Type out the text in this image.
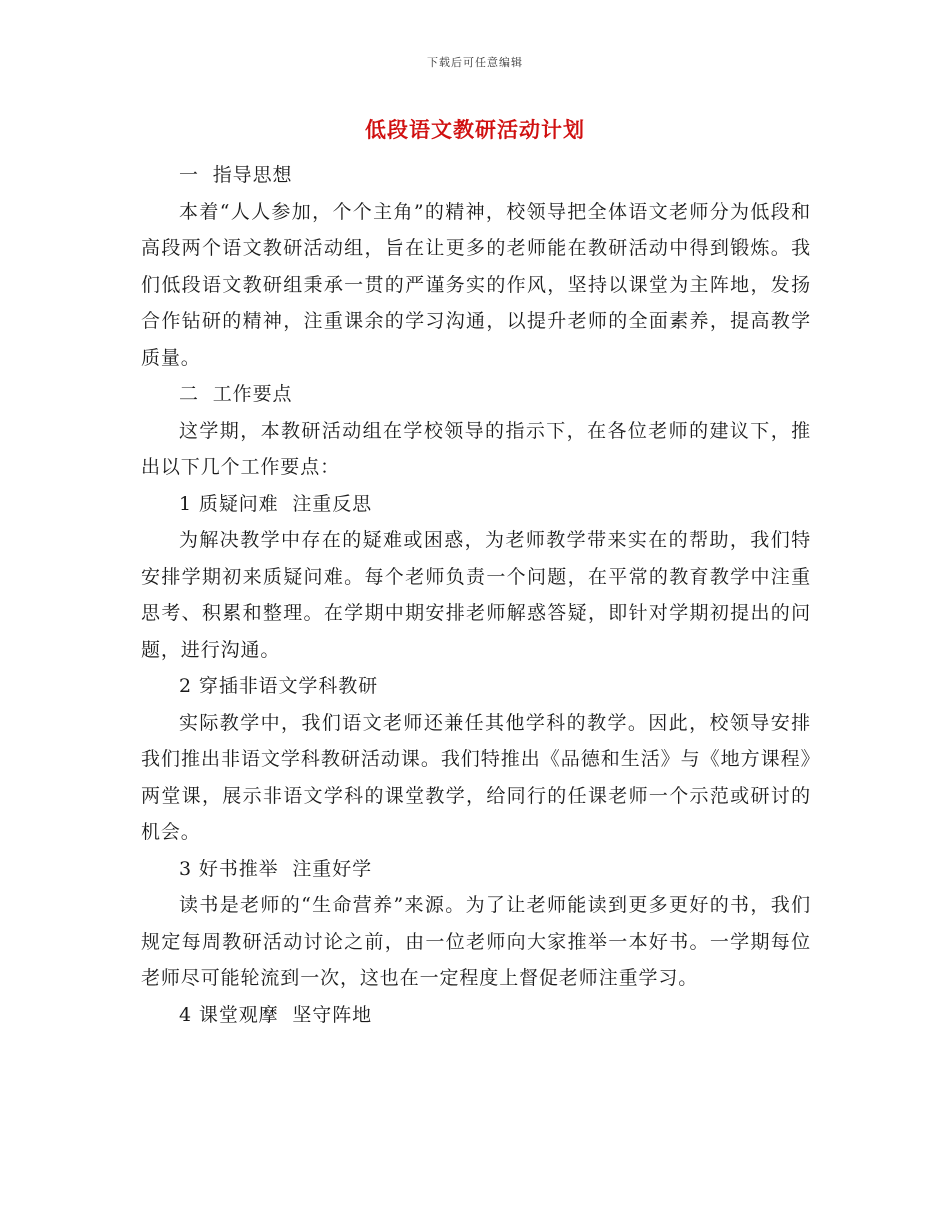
下载后可任意编辑
低段语文教研活动计划

一  指导思想

本着“人人参加，个个主角”的精神，校领导把全体语文老师分为低段和高段两个语文教研活动组，旨在让更多的老师能在教研活动中得到锻炼。我们低段语文教研组秉承一贯的严谨务实的作风，坚持以课堂为主阵地，发扬合作钻研的精神，注重课余的学习沟通，以提升老师的全面素养，提高教学质量。

二  工作要点

这学期，本教研活动组在学校领导的指示下，在各位老师的建议下，推出以下几个工作要点：

1 质疑问难  注重反思

为解决教学中存在的疑难或困惑，为老师教学带来实在的帮助，我们特安排学期初来质疑问难。每个老师负责一个问题，在平常的教育教学中注重思考、积累和整理。在学期中期安排老师解惑答疑，即针对学期初提出的问题，进行沟通。

2 穿插非语文学科教研

实际教学中，我们语文老师还兼任其他学科的教学。因此，校领导安排我们推出非语文学科教研活动课。我们特推出《品德和生活》与《地方课程》两堂课，展示非语文学科的课堂教学，给同行的任课老师一个示范或研讨的机会。

3 好书推举  注重好学

读书是老师的“生命营养”来源。为了让老师能读到更多更好的书，我们规定每周教研活动讨论之前，由一位老师向大家推举一本好书。一学期每位老师尽可能轮流到一次，这也在一定程度上督促老师注重学习。

4 课堂观摩  坚守阵地
